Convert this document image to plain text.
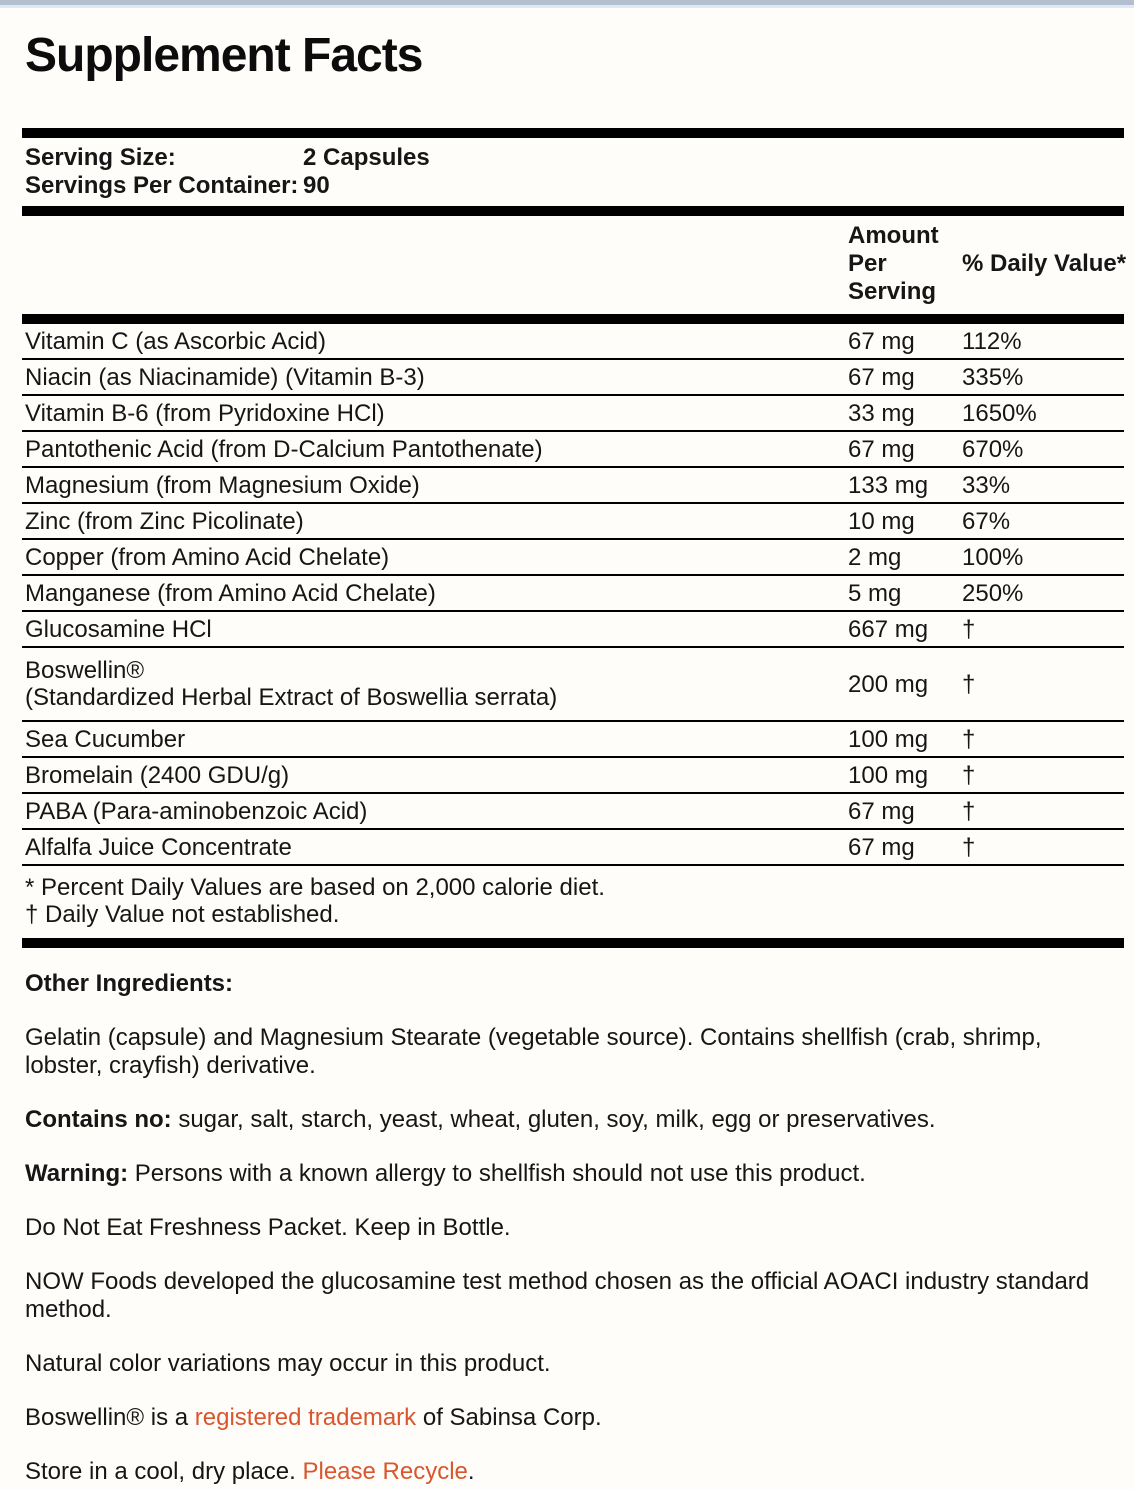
Supplement Facts
Serving Size:	2 Capsules
Servings Per Container: 90
Amount Per Serving
% Daily Value*
Vitamin C (as Ascorbic Acid)	67 mg	112%
Niacin (as Niacinamide) (Vitamin B-3)	67 mg	335%
Vitamin B-6 (from Pyridoxine HCl)	33 mg	1650%
Pantothenic Acid (from D-Calcium Pantothenate)	67 mg	670%
Magnesium (from Magnesium Oxide)	133 mg	33%
Zinc (from Zinc Picolinate)	10 mg	67%
Copper (from Amino Acid Chelate)	2 mg	100%
Manganese (from Amino Acid Chelate)	5 mg	250%
Glucosamine HCl	667 mg	†
Boswellin®
(Standardized Herbal Extract of Boswellia serrata)	200 mg	†
Sea Cucumber	100 mg	†
Bromelain (2400 GDU/g)	100 mg	†
PABA (Para-aminobenzoic Acid)	67 mg	†
Alfalfa Juice Concentrate	67 mg	†
* Percent Daily Values are based on 2,000 calorie diet.
† Daily Value not established.

Other Ingredients:

Gelatin (capsule) and Magnesium Stearate (vegetable source). Contains shellfish (crab, shrimp, lobster, crayfish) derivative.

Contains no: sugar, salt, starch, yeast, wheat, gluten, soy, milk, egg or preservatives.

Warning: Persons with a known allergy to shellfish should not use this product.

Do Not Eat Freshness Packet. Keep in Bottle.

NOW Foods developed the glucosamine test method chosen as the official AOACI industry standard method.

Natural color variations may occur in this product.

Boswellin® is a registered trademark of Sabinsa Corp.

Store in a cool, dry place. Please Recycle.
